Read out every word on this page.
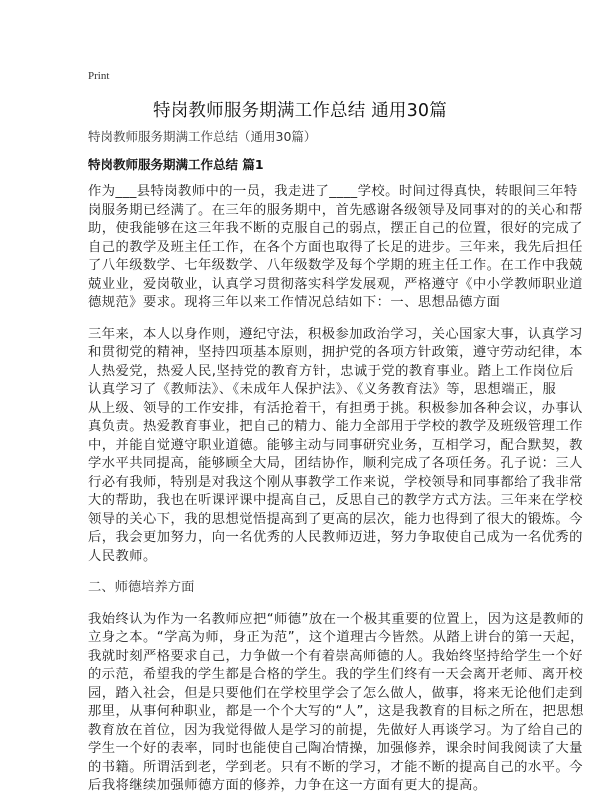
Print
特岗教师服务期满工作总结 通用30篇
特岗教师服务期满工作总结（通用30篇）
特岗教师服务期满工作总结 篇1
作为___县特岗教师中的一员，我走进了____学校。时间过得真快，转眼间三年特
岗服务期已经满了。在三年的服务期中，首先感谢各级领导及同事对的的关心和帮
助，使我能够在这三年我不断的克服自己的弱点，摆正自己的位置，很好的完成了
自己的教学及班主任工作，在各个方面也取得了长足的进步。三年来，我先后担任
了八年级数学、七年级数学、八年级数学及每个学期的班主任工作。在工作中我兢
兢业业，爱岗敬业，认真学习贯彻落实科学发展观，严格遵守《中小学教师职业道
德规范》要求。现将三年以来工作情况总结如下：一、思想品德方面
三年来，本人以身作则，遵纪守法，积极参加政治学习，关心国家大事，认真学习
和贯彻党的精神，坚持四项基本原则，拥护党的各项方针政策，遵守劳动纪律，本
人热爱党，热爱人民,坚持党的教育方针，忠诚于党的教育事业。踏上工作岗位后
认真学习了《教师法》、《未成年人保护法》、《义务教育法》等，思想端正，服
从上级、领导的工作安排，有活抢着干，有担勇于挑。积极参加各种会议，办事认
真负责。热爱教育事业，把自己的精力、能力全部用于学校的教学及班级管理工作
中，并能自觉遵守职业道德。能够主动与同事研究业务，互相学习，配合默契，教
学水平共同提高，能够顾全大局，团结协作，顺利完成了各项任务。孔子说：三人
行必有我师，特别是对我这个刚从事教学工作来说，学校领导和同事都给了我非常
大的帮助，我也在听课评课中提高自己，反思自己的教学方式方法。三年来在学校
领导的关心下，我的思想觉悟提高到了更高的层次，能力也得到了很大的锻炼。今
后，我会更加努力，向一名优秀的人民教师迈进，努力争取使自己成为一名优秀的
人民教师。
二、师德培养方面
我始终认为作为一名教师应把“师德”放在一个极其重要的位置上，因为这是教师的
立身之本。“学高为师，身正为范”，这个道理古今皆然。从踏上讲台的第一天起，
我就时刻严格要求自己，力争做一个有着崇高师德的人。我始终坚持给学生一个好
的示范，希望我的学生都是合格的学生。我的学生们终有一天会离开老师、离开校
园，踏入社会，但是只要他们在学校里学会了怎么做人，做事，将来无论他们走到
那里，从事何种职业，都是一个个大写的“人”，这是我教育的目标之所在，把思想
教育放在首位，因为我觉得做人是学习的前提，先做好人再谈学习。为了给自己的
学生一个好的表率，同时也能使自己陶冶情操，加强修养，课余时间我阅读了大量
的书籍。所谓活到老，学到老。只有不断的学习，才能不断的提高自己的水平。今
后我将继续加强师德方面的修养，力争在这一方面有更大的提高。
